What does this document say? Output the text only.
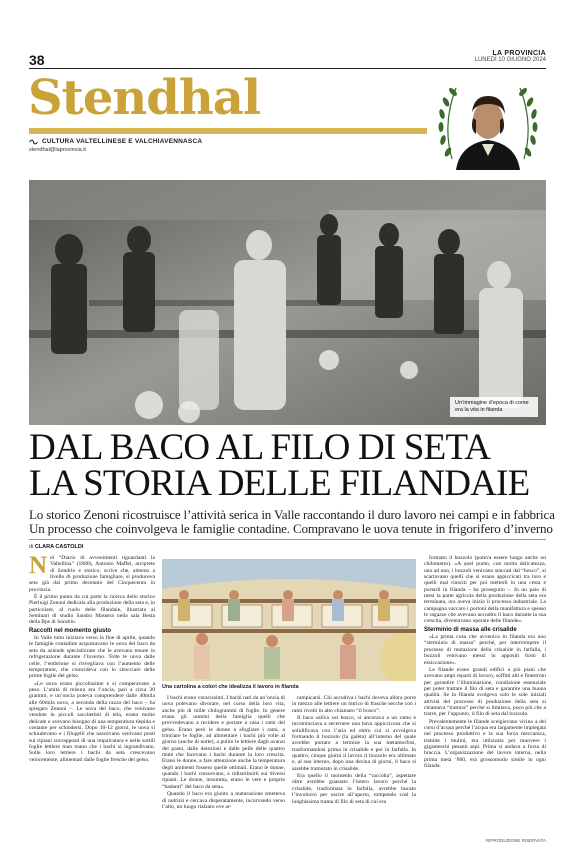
38	LA PROVINCIA
LUNEDÌ 10 GIUGNO 2024
Stendhal
CULTURA VALTELLINESE E VALCHIAVENNASCA
stendhal@laprovincia.it
Un’immagine d’epoca di come era la vita in filanda
DAL BACO AL FILO DI SETA
LA STORIA DELLE FILANDAIE
Lo storico Zenoni ricostruisce l’attività serica in Valle raccontando il duro lavoro nei campi e in fabbrica
Un processo che coinvolgeva le famiglie contadine. Compravano le uova tenute in frigorifero d’inverno
di CLARA CASTOLDI

Nel “Diario di avvenimenti riguardanti la Valtellina” (1880), Antonio Maffei, arciprete di Sondrio e storico, scrive che, almeno a livello di produzione famigliare, si produceva seta già dal primo decennio del Cinquecento in provincia.

È il primo punto da cui parte la ricerca dello storico Pierluigi Zenoni dedicata alla produzione della seta e, in particolare, al ruolo delle filandaie, illustrata ai Seminari di studio Sandro Massera nella sala Besta della Bps di Sondrio.

Raccolti nel momento giusto

In Valle tutto iniziava verso la fine di aprile, quando le famiglie contadine acquistavano le uova del baco da seta da aziende specializzate che le avevano tenute in refrigerazione durante l’inverno. Tolte le uova dalle celle, l’embrione si risvegliava con l’aumento delle temperature, che coincideva con lo sbocciare delle prime foglie del gelso.

«Le uova erano piccolissime e si comperavano a peso. L’unità di misura era l’oncia, pari a circa 30 grammi, e un’oncia poteva comprendere dalle 40mila alle 60mila uova, a seconda della razza del baco – ha spiegato Zenoni –. Le uova del baco, che venivano vendute in piccoli sacchettini di tela, erano molto delicate e avevano bisogno di una temperatura tiepida e costante per schiudersi. Dopo 10-12 giorni, le uova si schiudevano e i filugelli che nascevano venivano posti sui ripiani sovrapposti di una impalcatura e nelle sottili foglie lettiere man mano che i bachi si ingrandivano. Sulle loro lettiere i bachi da seta crescevano velocemente, alimentati dalle foglie fresche del gelso.

Una cartolina a colori che idealizza il lavoro in filanda

I bachi erano voracissimi. I bachi nati da un’oncia di uova potevano divorare, nel corso della loro vita, anche più di mille chilogrammi di foglie. In genere erano gli uomini della famiglia quelli che provvedevano a recidere e portare a casa i rami del gelso. Erano però le donne a sfogliare i rami, a trinciare le foglie, ad alimentare i bachi più volte al giorno (anche di notte), a pulire le lettiere dagli avanzi del pasto, dalle deiezioni e dalle pelle delle quattro mute che facevano i bachi durante la loro crescita. Erano le donne, a fare attenzione anche la temperatura degli ambienti fossero quelle ottimali. Erano le donne, quando i bachi crescevano, a ridistribuirli sui diversi ripiani. Le donne, insomma, erano le vere e proprie “badanti” del baco da seta».

Quando il baco era giunto a maturazione smetteva di nutrirsi e cercava disperatamente, incurvando verso l’alto, un luogo rialzato ove ar-

rampicarsi. Chi accudiva i bachi doveva allora porre in mezzo alle lettiere un intrico di frasche secche con i rami rivolti in alto chiamato “il bosco”.

Il baco saliva sul bosco, si ancorava a un ramo e incominciava a secernere una bava appiccicosa che si solidificava con l’aria ed entro cui si avvolgeva formando il bozzolo (la galèta) all’interno del quale avrebbe portato a termine la sua metamorfosi, trasformandosi prima in crisalide e poi in farfalla. In quattro, cinque giorni il lavoro il bozzolo era ultimato e, al suo interno, dopo una decina di giorni, il baco si sarebbe tramutato in crisalide.

Era quello il momento della “raccolta”, aspettare oltre avrebbe guastato l’intero lavoro perché la crisalide, trasformata in farfalla, avrebbe bucato l’involucro per uscire all’aperto, rompendo così la lunghissima trama di filo di seta di cui era

formato il bozzolo (poteva essere lungo anche un chilometro). «A quel punto, con molta delicatezza, uno ad uno, i bozzoli venivano staccati dal “bosco”, si scartavano quelli che si erano appiccicati tra loro e quelli mal riusciti per poi metterli in una cesta e portarli in filanda – ha proseguito –. In un paio di mesi la parte agricola della produzione della seta era terminata, ora aveva inizio il processo industriale. La campagna vaccaro i portoni della manifattura e spesso le ragazze che avevano accudito il baco durante la sua crescita, diventavano operaie delle filande».

Sterminio di massa alle crisalide

«La prima cosa che avveniva in filanda era uno “sterminio di massa” perché, per interrompere il processo di mutazione della crisalide in farfalla, i bozzoli venivano messi in appositi forni di essiccazione».

Le filande erano grandi edifici a più piani che avevano ampi reparti di lavoro, soffitti alti e finestroni per garantire l’illuminazione, condizione essenziale per poter trattare il filo di seta e garantire una buona qualità. Se la filanda svolgeva solo le sole iniziali attività del processo di produzione della seta si chiamava “trattura” perché si limitava, poco più che a trarre, per l’appunto, il filo di seta dal bozzolo.

Prevalentemente le filande scelgievano vicino a dei corsi d’acqua perché l’acqua era largamente impiegata nel processo produttivo e la sua forza meccanica, tramite i mulini, era utilizzata per muovere i giganteschi pesanti aspi. Prima si andava a forza di braccia. L’organizzazione del lavoro interna, nella prima metà ’800, era grossomodo simile in ogni filanda.

RIPRODUZIONE RISERVATA
